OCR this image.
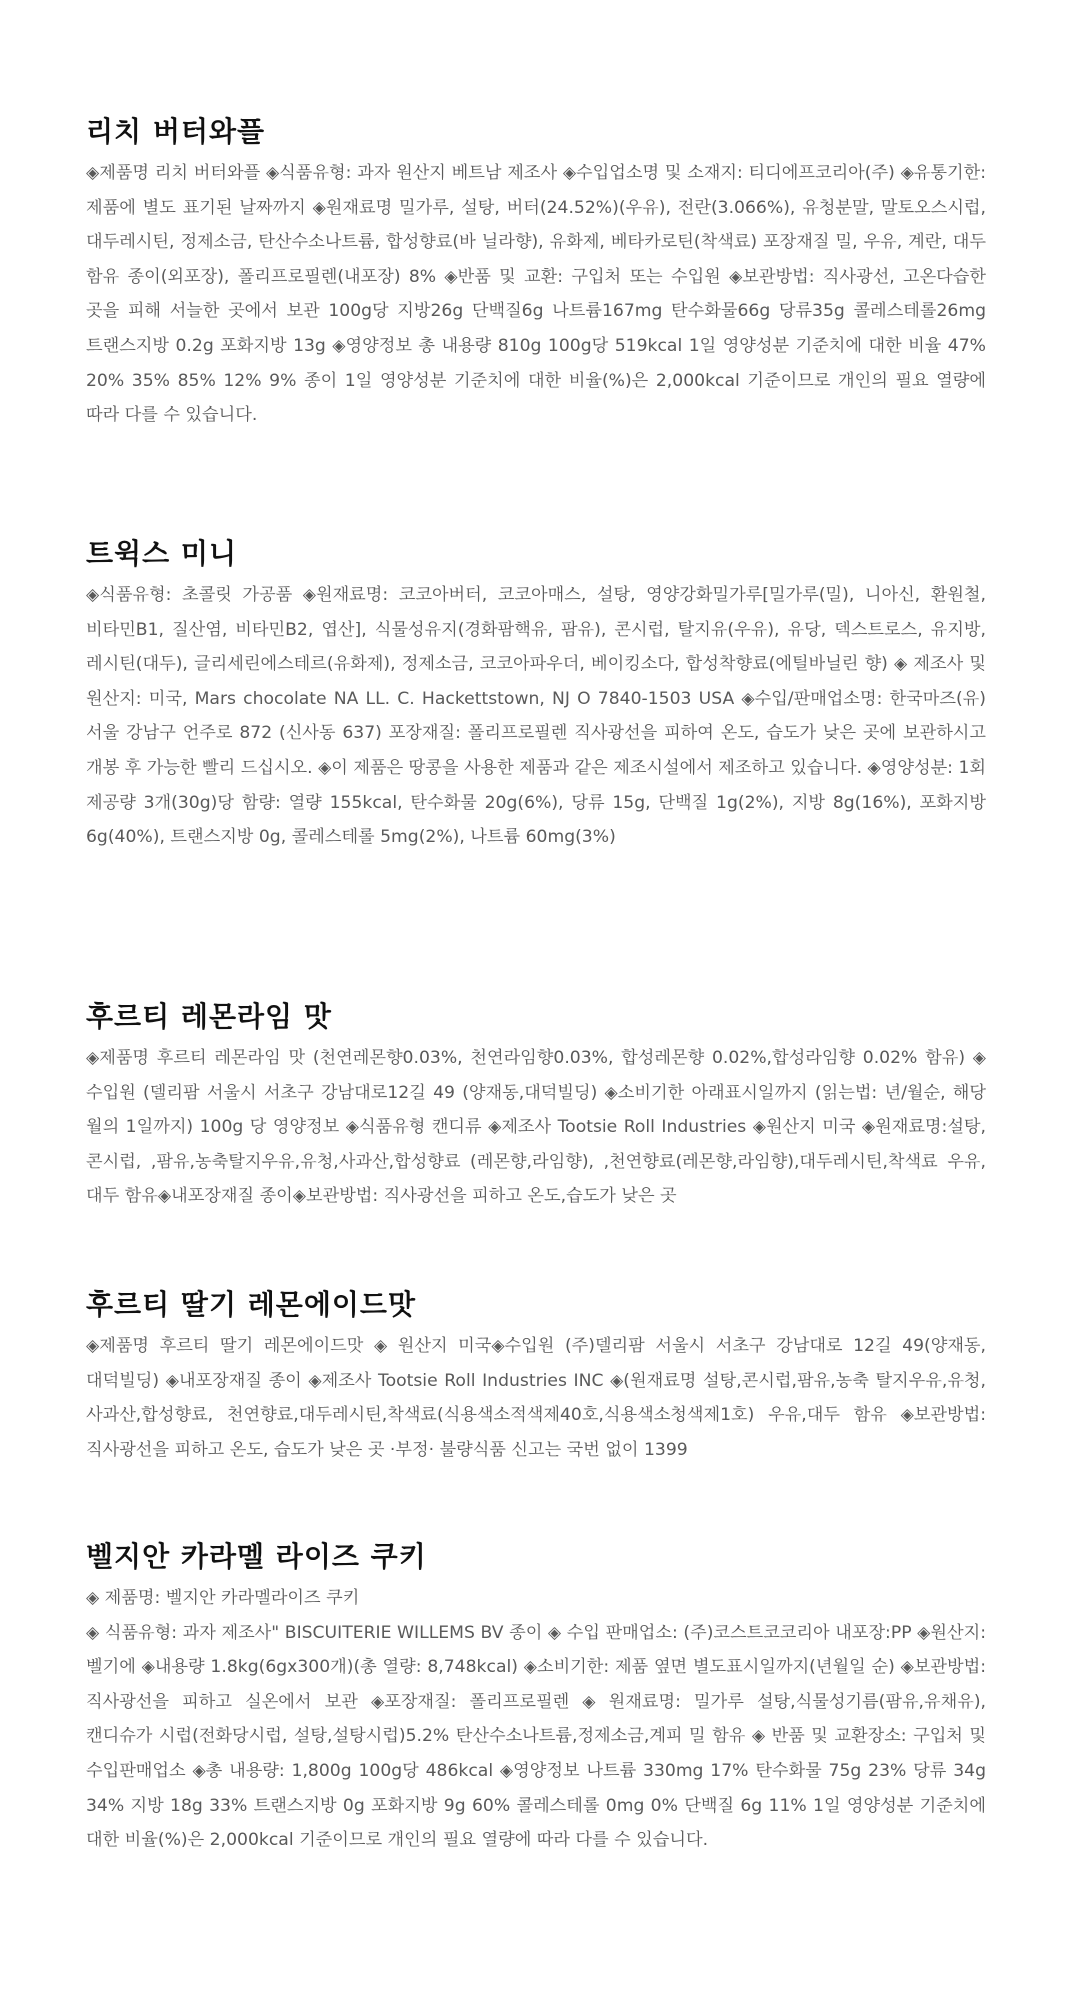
리치 버터와플

◈제품명 리치 버터와플 ◈식품유형: 과자 원산지 베트남 제조사 ◈수입업소명 및 소재지: 티디에프코리아(주) ◈유통기한: 제품에 별도 표기된 날짜까지 ◈원재료명 밀가루, 설탕, 버터(24.52%)(우유), 전란(3.066%), 유청분말, 말토오스시럽, 대두레시틴, 정제소금, 탄산수소나트륨, 합성향료(바 닐라향), 유화제, 베타카로틴(착색료) 포장재질 밀, 우유, 계란, 대두 함유 종이(외포장), 폴리프로필렌(내포장) 8% ◈반품 및 교환: 구입처 또는 수입원 ◈보관방법: 직사광선, 고온다습한 곳을 피해 서늘한 곳에서 보관 100g당 지방26g 단백질6g 나트륨167mg 탄수화물66g 당류35g 콜레스테롤26mg 트랜스지방 0.2g 포화지방 13g ◈영양정보 총 내용량 810g 100g당 519kcal 1일 영양성분 기준치에 대한 비율 47% 20% 35% 85% 12% 9% 종이 1일 영양성분 기준치에 대한 비율(%)은 2,000kcal 기준이므로 개인의 필요 열량에 따라 다를 수 있습니다.

트윅스 미니

◈식품유형: 초콜릿 가공품 ◈원재료명: 코코아버터, 코코아매스, 설탕, 영양강화밀가루[밀가루(밀), 니아신, 환원철, 비타민B1, 질산염, 비타민B2, 엽산], 식물성유지(경화팜핵유, 팜유), 콘시럽, 탈지유(우유), 유당, 덱스트로스, 유지방, 레시틴(대두), 글리세린에스테르(유화제), 정제소금, 코코아파우더, 베이킹소다, 합성착향료(에틸바닐린 향) ◈ 제조사 및 원산지: 미국, Mars chocolate NA LL. C. Hackettstown, NJ O 7840-1503 USA ◈수입/판매업소명: 한국마즈(유) 서울 강남구 언주로 872 (신사동 637) 포장재질: 폴리프로필렌 직사광선을 피하여 온도, 습도가 낮은 곳에 보관하시고 개봉 후 가능한 빨리 드십시오. ◈이 제품은 땅콩을 사용한 제품과 같은 제조시설에서 제조하고 있습니다. ◈영양성분: 1회 제공량 3개(30g)당 함량: 열량 155kcal, 탄수화물 20g(6%), 당류 15g, 단백질 1g(2%), 지방 8g(16%), 포화지방 6g(40%), 트랜스지방 0g, 콜레스테롤 5mg(2%), 나트륨 60mg(3%)

후르티 레몬라임 맛

◈제품명 후르티 레몬라임 맛 (천연레몬향0.03%, 천연라임향0.03%, 합성레몬향 0.02%,합성라임향 0.02% 함유) ◈수입원 (델리팜 서울시 서초구 강남대로12길 49 (양재동,대덕빌딩) ◈소비기한 아래표시일까지 (읽는법: 년/월순, 해당 월의 1일까지) 100g 당 영양정보 ◈식품유형 캔디류 ◈제조사 Tootsie Roll Industries ◈원산지 미국 ◈원재료명:설탕,콘시럽, ,팜유,농축탈지우유,유청,사과산,합성향료 (레몬향,라임향), ,천연향료(레몬향,라임향),대두레시틴,착색료 우유,대두 함유◈내포장재질 종이◈보관방법: 직사광선을 피하고 온도,습도가 낮은 곳

후르티 딸기 레몬에이드맛

◈제품명 후르티 딸기 레몬에이드맛 ◈ 원산지 미국◈수입원 (주)델리팜 서울시 서초구 강남대로 12길 49(양재동,대덕빌딩) ◈내포장재질 종이 ◈제조사 Tootsie Roll Industries INC ◈(원재료명 설탕,콘시럽,팜유,농축 탈지우유,유청,사과산,합성향료, 천연향료,대두레시틴,착색료(식용색소적색제40호,식용색소청색제1호) 우유,대두 함유 ◈보관방법: 직사광선을 피하고 온도, 습도가 낮은 곳 ·부정· 불량식품 신고는 국번 없이 1399

벨지안 카라멜 라이즈 쿠키

◈ 제품명: 벨지안 카라멜라이즈 쿠키
◈ 식품유형: 과자 제조사" BISCUITERIE WILLEMS BV 종이 ◈ 수입 판매업소: (주)코스트코코리아 내포장:PP ◈원산지:벨기에 ◈내용량 1.8kg(6gx300개)(총 열량: 8,748kcal) ◈소비기한: 제품 옆면 별도표시일까지(년월일 순) ◈보관방법: 직사광선을 피하고 실온에서 보관 ◈포장재질: 폴리프로필렌 ◈ 원재료명: 밀가루 설탕,식물성기름(팜유,유채유), 캔디슈가 시럽(전화당시럽, 설탕,설탕시럽)5.2% 탄산수소나트륨,정제소금,계피 밀 함유 ◈ 반품 및 교환장소: 구입처 및 수입판매업소 ◈총 내용량: 1,800g 100g당 486kcal ◈영양정보 나트륨 330mg 17% 탄수화물 75g 23% 당류 34g 34% 지방 18g 33% 트랜스지방 0g 포화지방 9g 60% 콜레스테롤 0mg 0% 단백질 6g 11% 1일 영양성분 기준치에 대한 비율(%)은 2,000kcal 기준이므로 개인의 필요 열량에 따라 다를 수 있습니다.
